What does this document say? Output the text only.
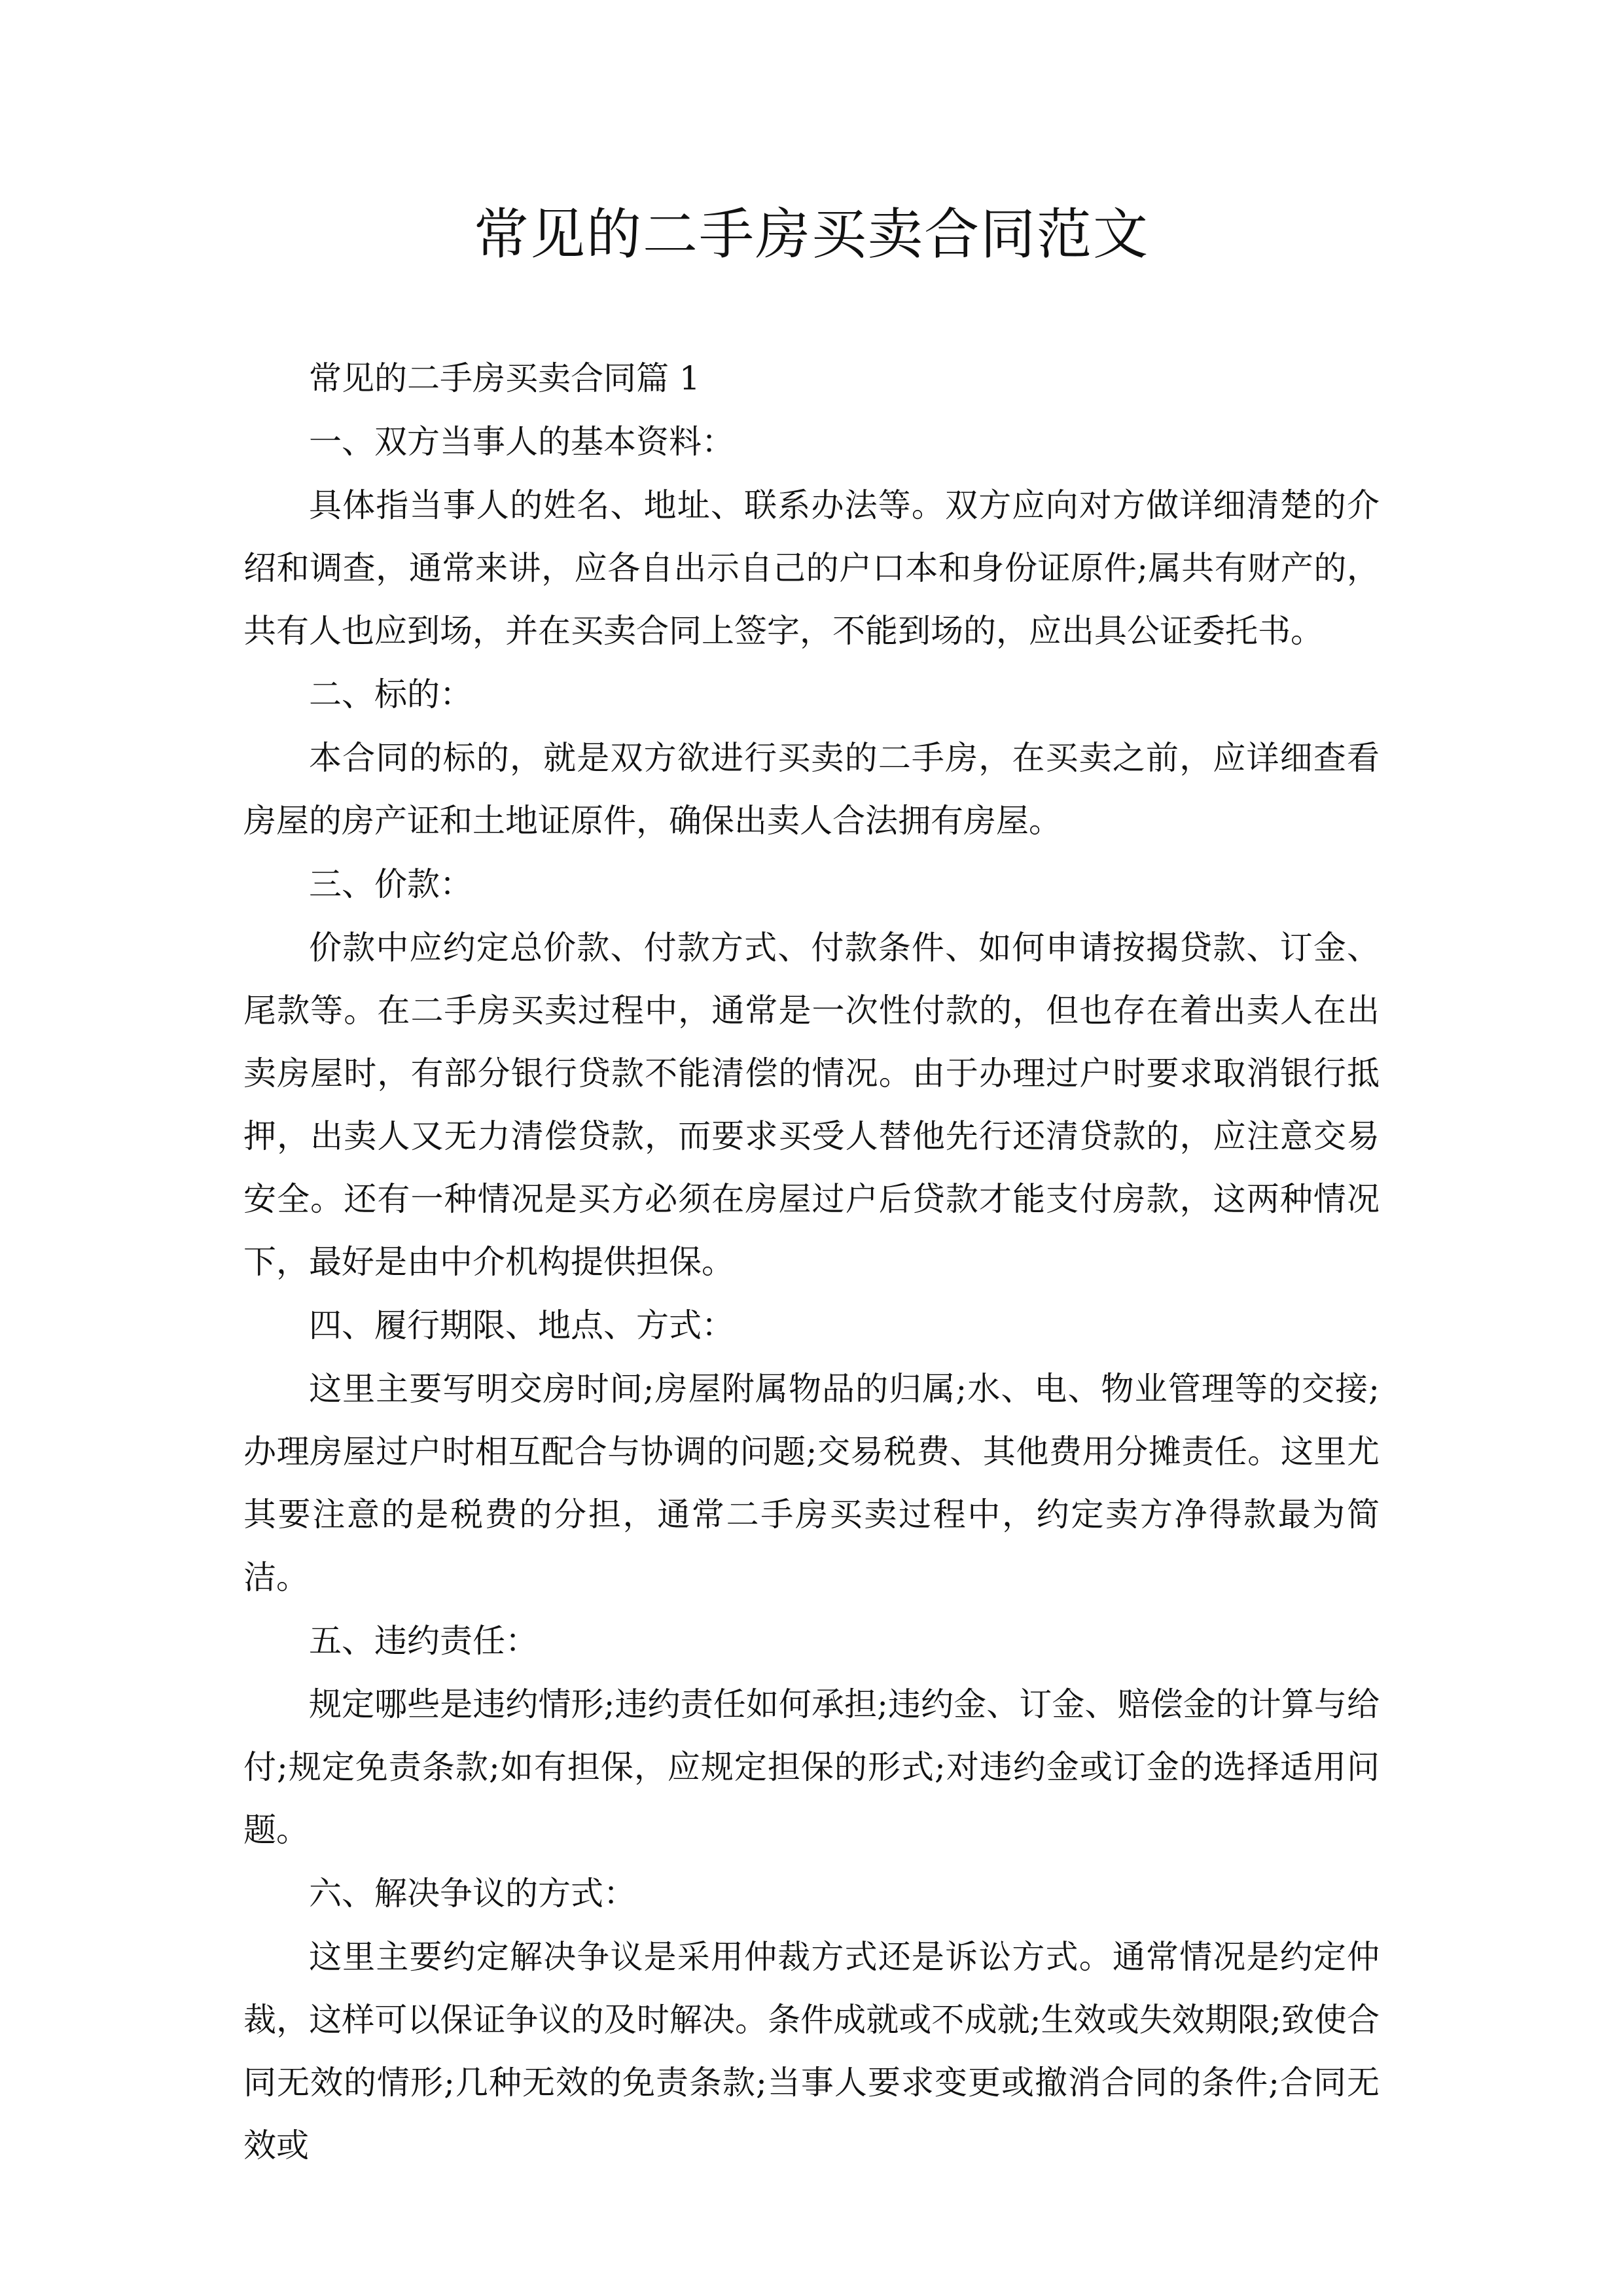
常见的二手房买卖合同范文

常见的二手房买卖合同篇 1

一、双方当事人的基本资料：

具体指当事人的姓名、地址、联系办法等。双方应向对方做详细清楚的介绍和调查，通常来讲，应各自出示自己的户口本和身份证原件;属共有财产的，共有人也应到场，并在买卖合同上签字，不能到场的，应出具公证委托书。

二、标的：

本合同的标的，就是双方欲进行买卖的二手房，在买卖之前，应详细查看房屋的房产证和土地证原件，确保出卖人合法拥有房屋。

三、价款：

价款中应约定总价款、付款方式、付款条件、如何申请按揭贷款、订金、尾款等。在二手房买卖过程中，通常是一次性付款的，但也存在着出卖人在出卖房屋时，有部分银行贷款不能清偿的情况。由于办理过户时要求取消银行抵押，出卖人又无力清偿贷款，而要求买受人替他先行还清贷款的，应注意交易安全。还有一种情况是买方必须在房屋过户后贷款才能支付房款，这两种情况下，最好是由中介机构提供担保。

四、履行期限、地点、方式：

这里主要写明交房时间;房屋附属物品的归属;水、电、物业管理等的交接;办理房屋过户时相互配合与协调的问题;交易税费、其他费用分摊责任。这里尤其要注意的是税费的分担，通常二手房买卖过程中，约定卖方净得款最为简洁。

五、违约责任：

规定哪些是违约情形;违约责任如何承担;违约金、订金、赔偿金的计算与给付;规定免责条款;如有担保，应规定担保的形式;对违约金或订金的选择适用问题。

六、解决争议的方式：

这里主要约定解决争议是采用仲裁方式还是诉讼方式。通常情况是约定仲裁，这样可以保证争议的及时解决。条件成就或不成就;生效或失效期限;致使合同无效的情形;几种无效的免责条款;当事人要求变更或撤消合同的条件;合同无效或
